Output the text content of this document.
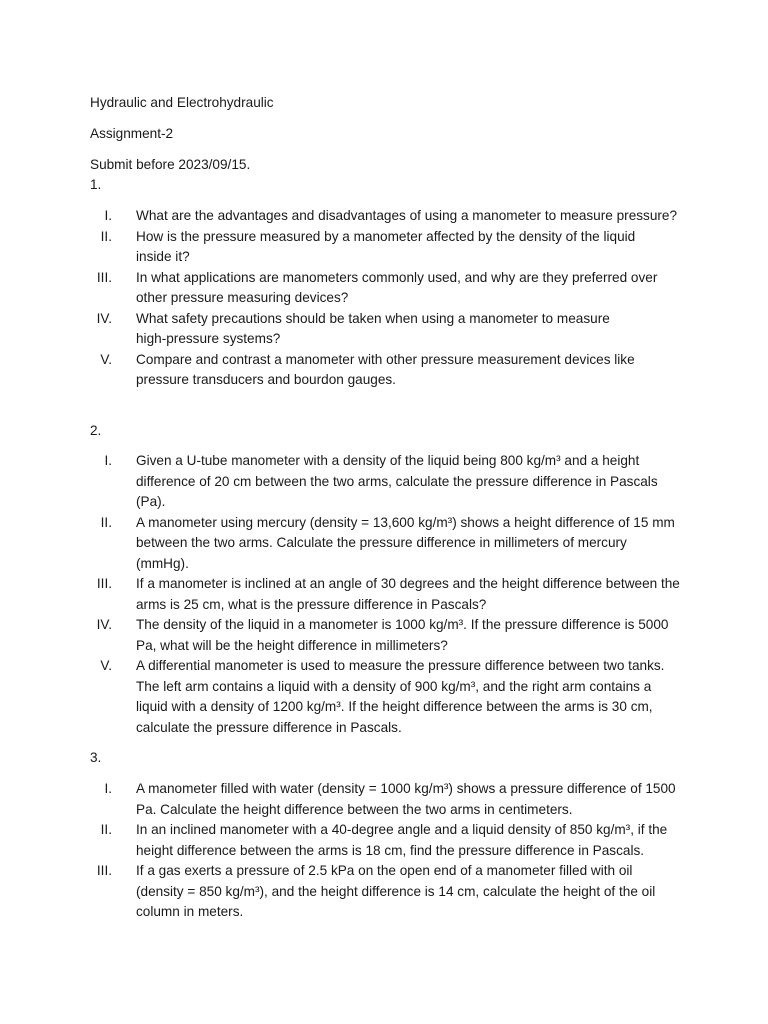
Hydraulic and Electrohydraulic
Assignment-2
Submit before 2023/09/15.
1.
I. What are the advantages and disadvantages of using a manometer to measure pressure?
II. How is the pressure measured by a manometer affected by the density of the liquid inside it?
III. In what applications are manometers commonly used, and why are they preferred over other pressure measuring devices?
IV. What safety precautions should be taken when using a manometer to measure high-pressure systems?
V. Compare and contrast a manometer with other pressure measurement devices like pressure transducers and bourdon gauges.
2.
I. Given a U-tube manometer with a density of the liquid being 800 kg/m³ and a height difference of 20 cm between the two arms, calculate the pressure difference in Pascals (Pa).
II. A manometer using mercury (density = 13,600 kg/m³) shows a height difference of 15 mm between the two arms. Calculate the pressure difference in millimeters of mercury (mmHg).
III. If a manometer is inclined at an angle of 30 degrees and the height difference between the arms is 25 cm, what is the pressure difference in Pascals?
IV. The density of the liquid in a manometer is 1000 kg/m³. If the pressure difference is 5000 Pa, what will be the height difference in millimeters?
V. A differential manometer is used to measure the pressure difference between two tanks. The left arm contains a liquid with a density of 900 kg/m³, and the right arm contains a liquid with a density of 1200 kg/m³. If the height difference between the arms is 30 cm, calculate the pressure difference in Pascals.
3.
I. A manometer filled with water (density = 1000 kg/m³) shows a pressure difference of 1500 Pa. Calculate the height difference between the two arms in centimeters.
II. In an inclined manometer with a 40-degree angle and a liquid density of 850 kg/m³, if the height difference between the arms is 18 cm, find the pressure difference in Pascals.
III. If a gas exerts a pressure of 2.5 kPa on the open end of a manometer filled with oil (density = 850 kg/m³), and the height difference is 14 cm, calculate the height of the oil column in meters.
